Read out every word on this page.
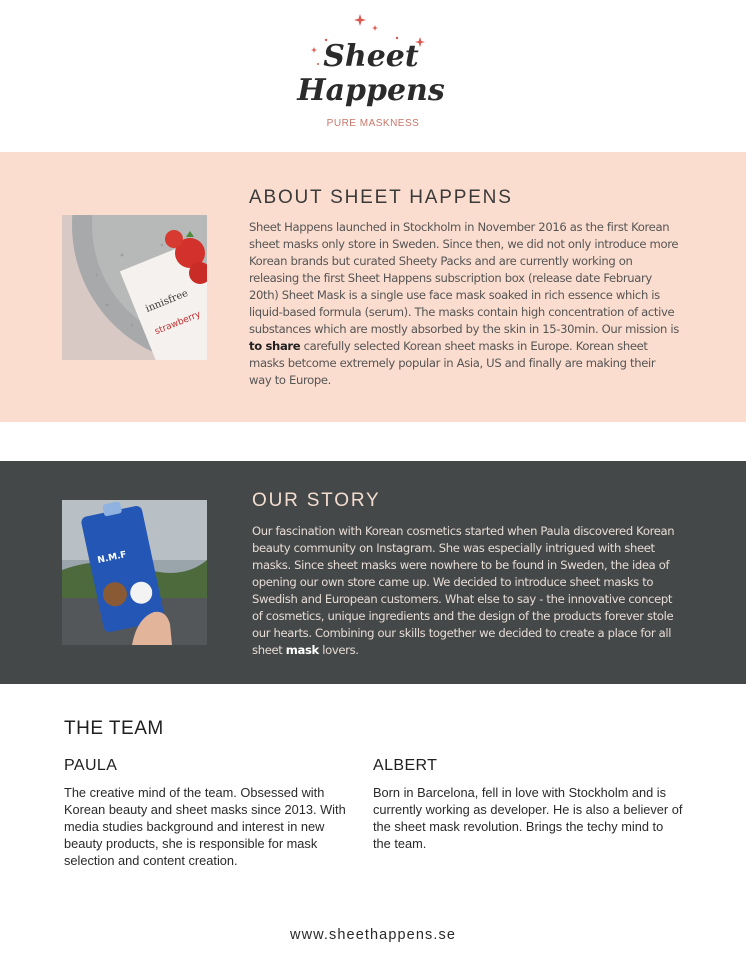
Sheet
Happens
PURE MASKNESS
innisfree
strawberry
ABOUT SHEET HAPPENS

Sheet Happens launched in Stockholm in November 2016 as the first Korean sheet masks only store in Sweden. Since then, we did not only introduce more Korean brands but curated Sheety Packs and are currently working on releasing the first Sheet Happens subscription box (release date February 20th) Sheet Mask is a single use face mask soaked in rich essence which is liquid-based formula (serum). The masks contain high concentration of active substances which are mostly absorbed by the skin in 15-30min. Our mission is to share carefully selected Korean sheet masks in Europe. Korean sheet masks betcome extremely popular in Asia, US and finally are making their way to Europe.

N.M.F
OUR STORY

Our fascination with Korean cosmetics started when Paula discovered Korean beauty community on Instagram. She was especially intrigued with sheet masks. Since sheet masks were nowhere to be found in Sweden, the idea of opening our own store came up. We decided to introduce sheet masks to Swedish and European customers. What else to say - the innovative concept of cosmetics, unique ingredients and the design of the products forever stole our hearts. Combining our skills together we decided to create a place for all sheet mask lovers.

THE TEAM
PAULA

The creative mind of the team. Obsessed with Korean beauty and sheet masks since 2013. With media studies background and interest in new beauty products, she is responsible for mask selection and content creation.

ALBERT

Born in Barcelona, fell in love with Stockholm and is currently working as developer. He is also a believer of the sheet mask revolution. Brings the techy mind to the team.

www.sheethappens.se
